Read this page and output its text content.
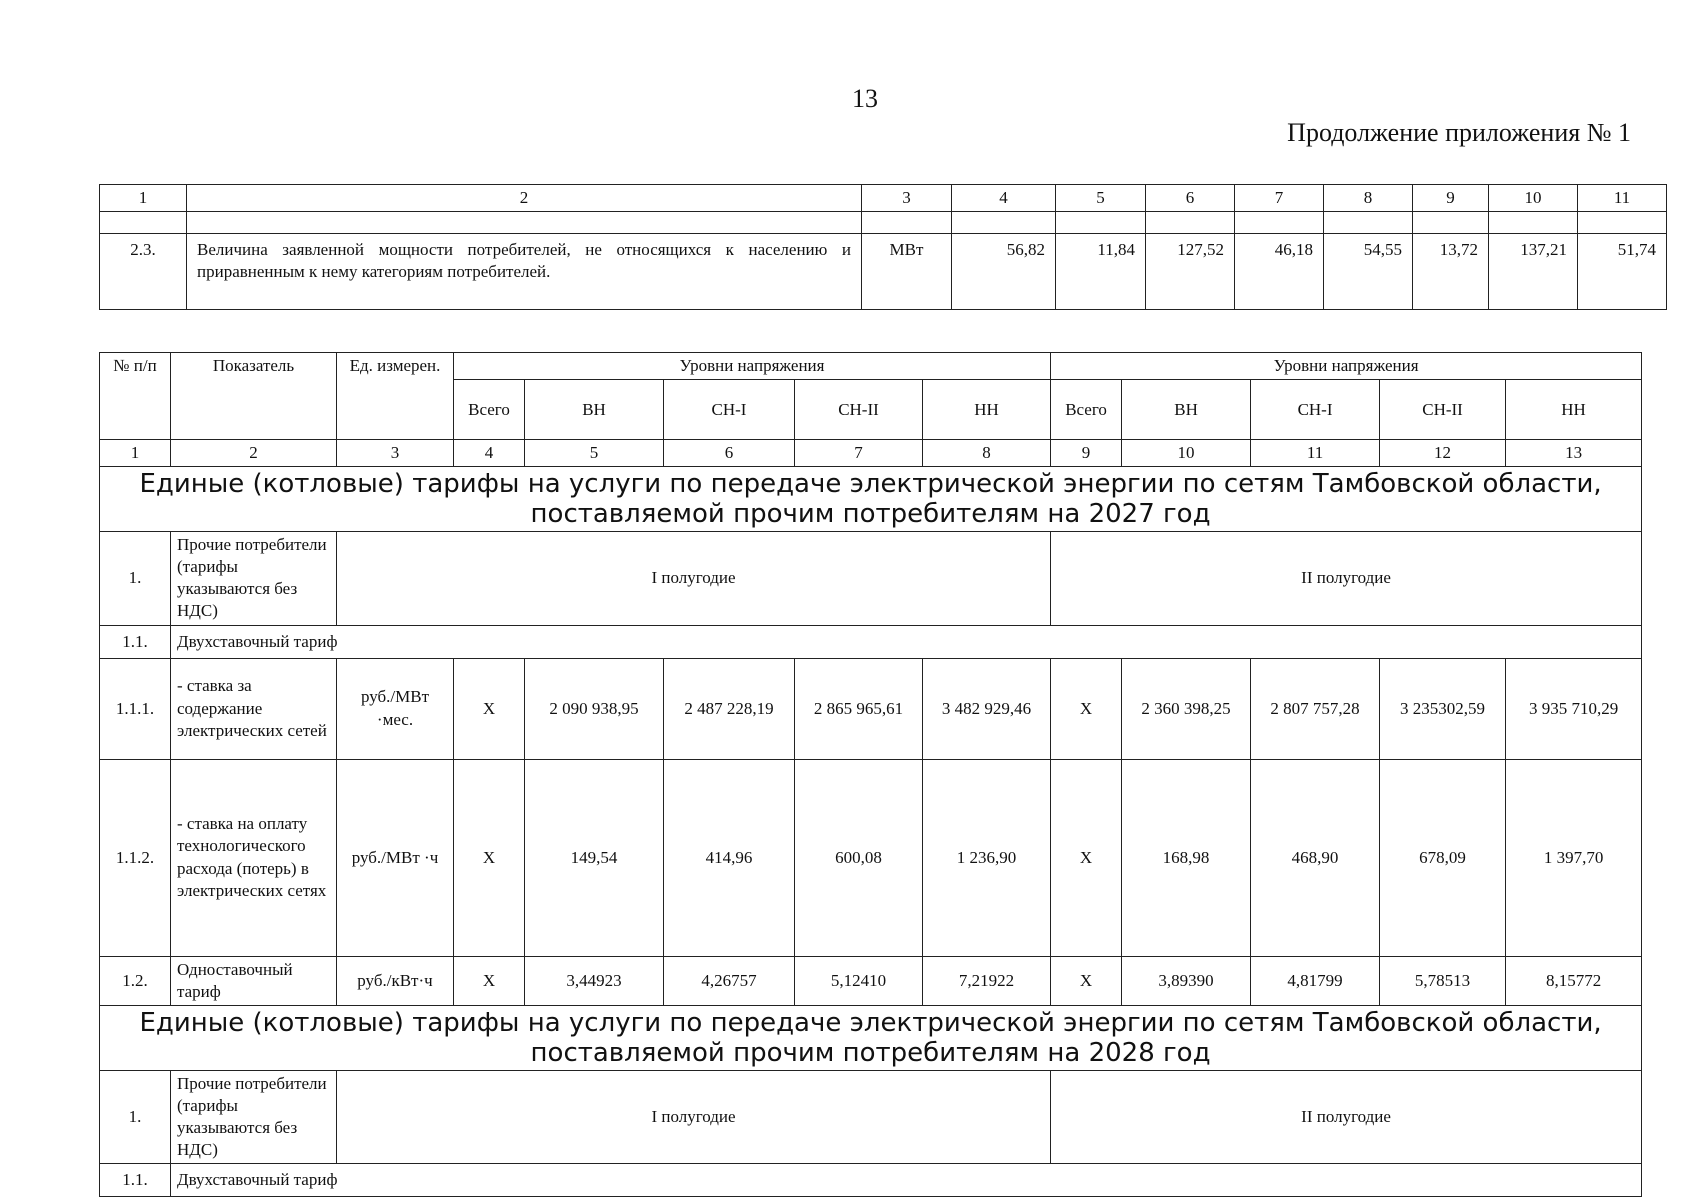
13
Продолжение приложения № 1
1	2	3	4	5	6	7	8	9	10	11

2.3.	Величина заявленной мощности потребителей, не относящихся к населению и приравненным к нему категориям потребителей.	МВт	56,82	11,84	127,52	46,18	54,55	13,72	137,21	51,74
№ п/п	Показатель	Ед. измерен.	Уровни напряжения					Уровни напряжения				
			Всего	ВН	СН-I	СН-II	НН	Всего	ВН	СН-I	СН-II	НН
1	2	3	4	5	6	7	8	9	10	11	12	13
Единые (котловые) тарифы на услуги по передаче электрической энергии по сетям Тамбовской области, поставляемой прочим потребителям на 2027 год												
1.	Прочие потребители (тарифы указываются без НДС)	I полугодие						II полугодие				
1.1.	Двухставочный тариф											
1.1.1.	- ставка за содержание электрических сетей	руб./МВт ·мес.	Х	2 090 938,95	2 487 228,19	2 865 965,61	3 482 929,46	Х	2 360 398,25	2 807 757,28	3 235302,59	3 935 710,29
1.1.2.	- ставка на оплату технологического расхода (потерь) в электрических сетях	руб./МВт ·ч	Х	149,54	414,96	600,08	1 236,90	Х	168,98	468,90	678,09	1 397,70
1.2.	Одноставочный тариф	руб./кВт·ч	Х	3,44923	4,26757	5,12410	7,21922	Х	3,89390	4,81799	5,78513	8,15772
Единые (котловые) тарифы на услуги по передаче электрической энергии по сетям Тамбовской области, поставляемой прочим потребителям на 2028 год												
1.	Прочие потребители (тарифы указываются без НДС)	I полугодие						II полугодие				
1.1.	Двухставочный тариф											
